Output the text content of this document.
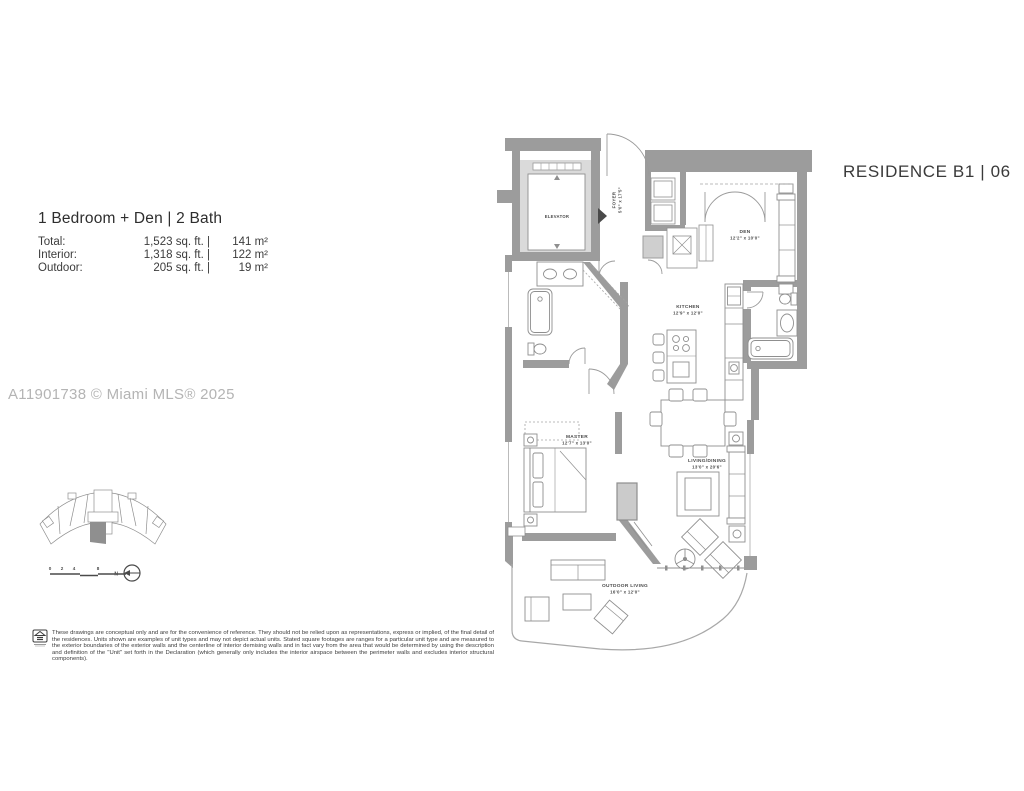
RESIDENCE B1 | 06
1 Bedroom + Den | 2 Bath
Total:	1,523 sq. ft. |	141 m²
Interior:	1,318 sq. ft. |	122 m²
Outdoor:	205 sq. ft. |	19 m²
A11901738 © Miami MLS® 2025
ELEVATOR
FOYER 5'0" x 17'5"
DEN
12'2" x 10'0"
KITCHEN
12'9" x 12'0"
MASTER
12'7" x 13'0"
LIVING/DINING
13'0" x 20'6"
OUTDOOR LIVING
16'0" x 12'0"
0 2 4	8
N
These drawings are conceptual only and are for the convenience of reference. They should not be relied upon as representations, express or implied, of the final detail of the residences. Units shown are examples of unit types and may not depict actual units. Stated square footages are ranges for a particular unit type and are measured to the exterior boundaries of the exterior walls and the centerline of interior demising walls and in fact vary from the area that would be determined by using the description and definition of the "Unit" set forth in the Declaration (which generally only includes the interior airspace between the perimeter walls and excludes interior structural components).
